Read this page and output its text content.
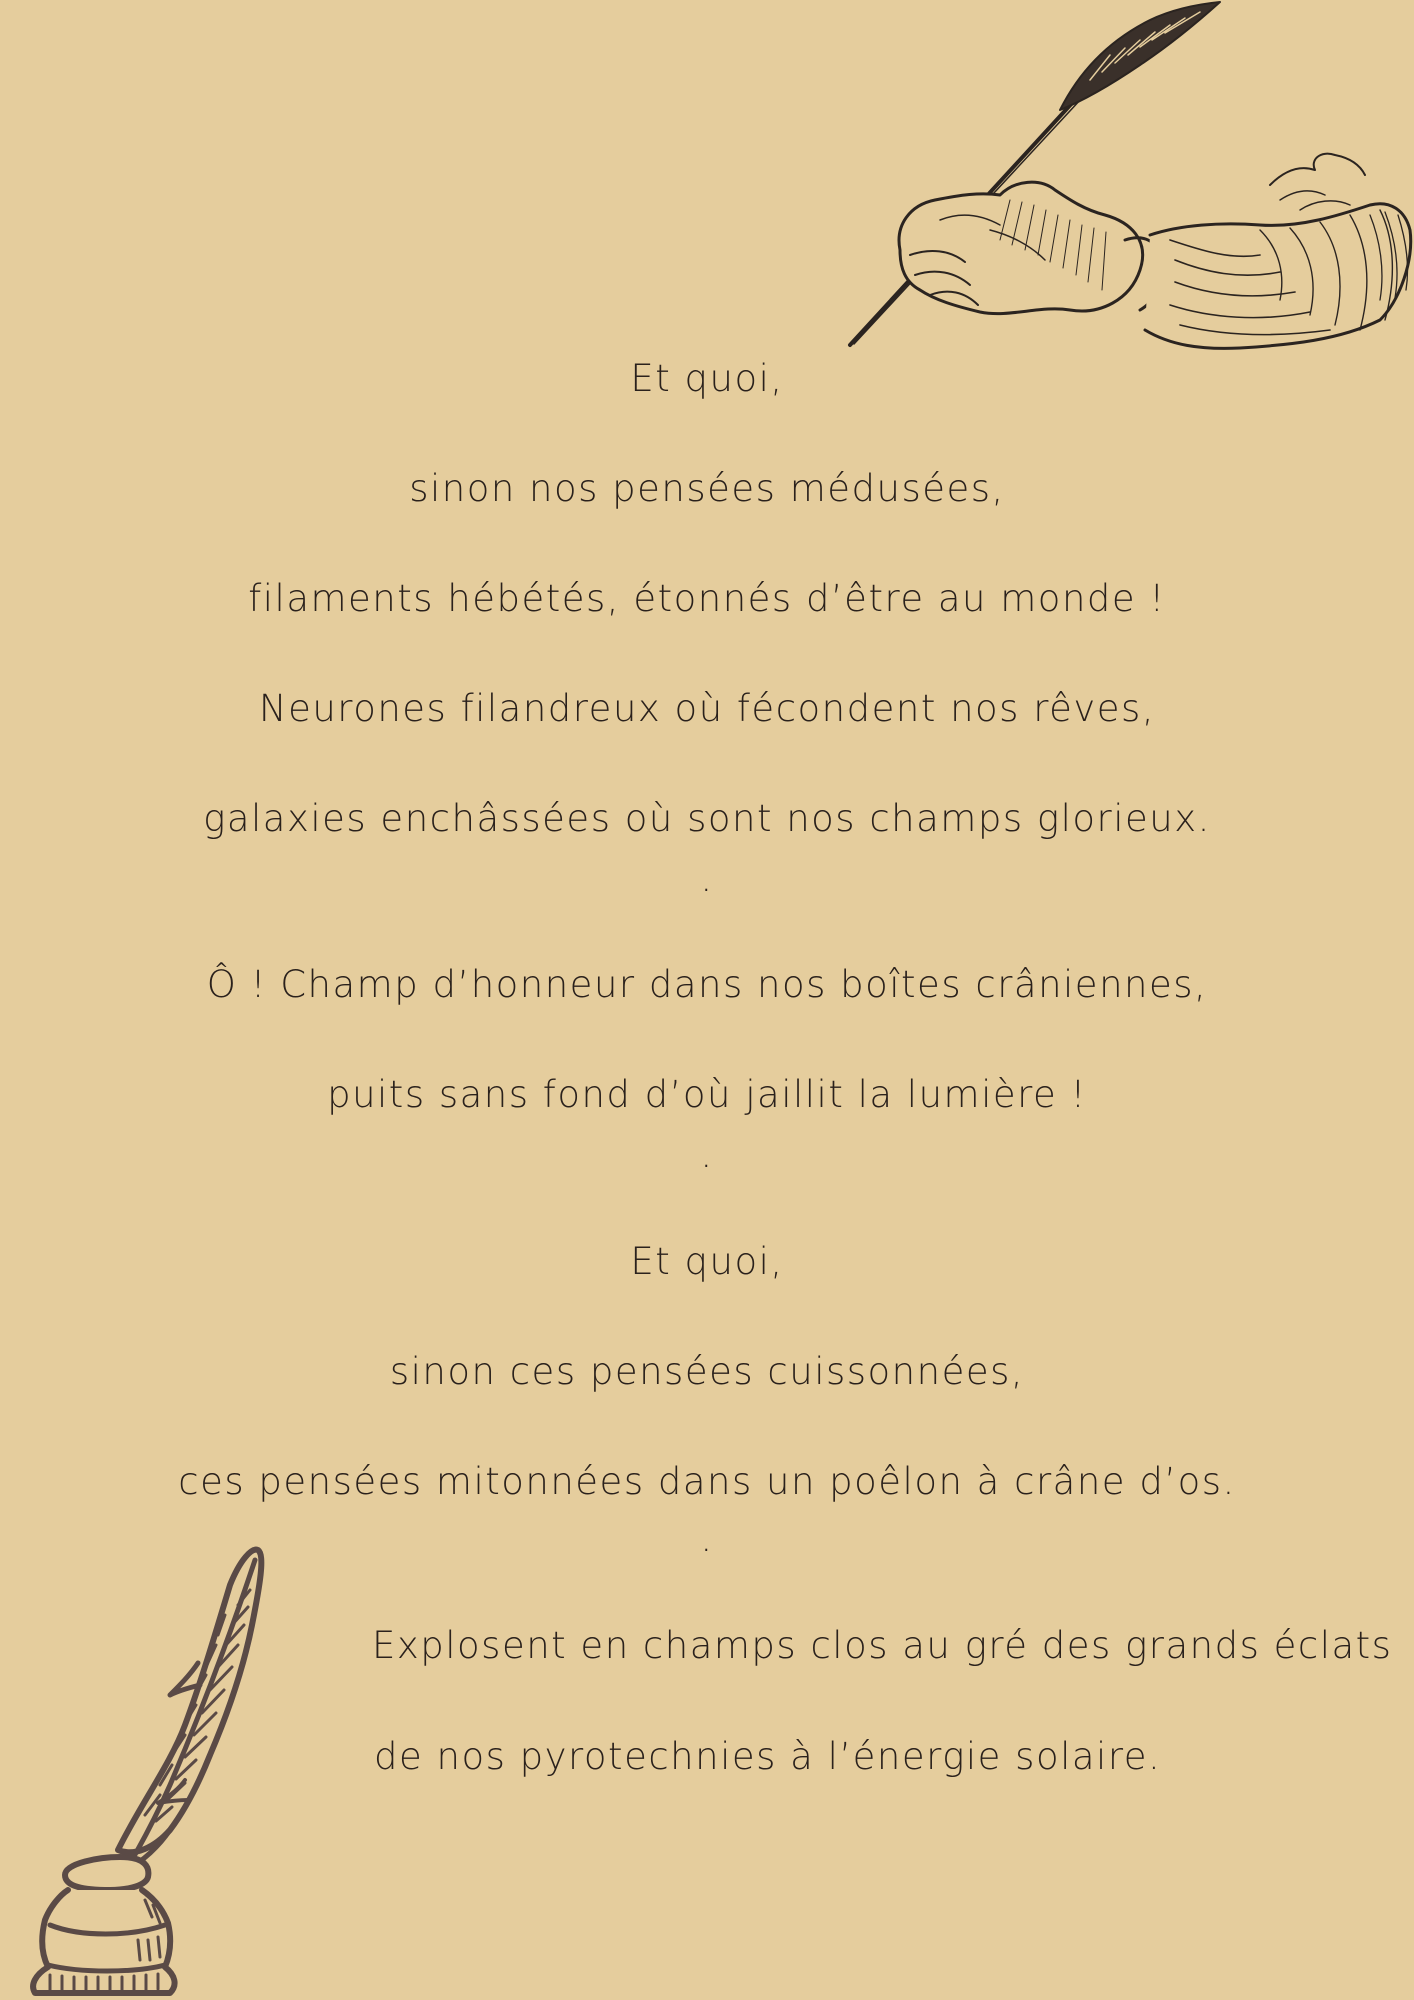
Et quoi,
sinon nos pensées médusées,
filaments hébétés, étonnés d’être au monde !
Neurones filandreux où fécondent nos rêves,
galaxies enchâssées où sont nos champs glorieux.
.
Ô ! Champ d’honneur dans nos boîtes crâniennes,
puits sans fond d’où jaillit la lumière !
.
Et quoi,
sinon ces pensées cuissonnées,
ces pensées mitonnées dans un poêlon à crâne d’os.
.
Explosent en champs clos au gré des grands éclats
de nos pyrotechnies à l’énergie solaire.
